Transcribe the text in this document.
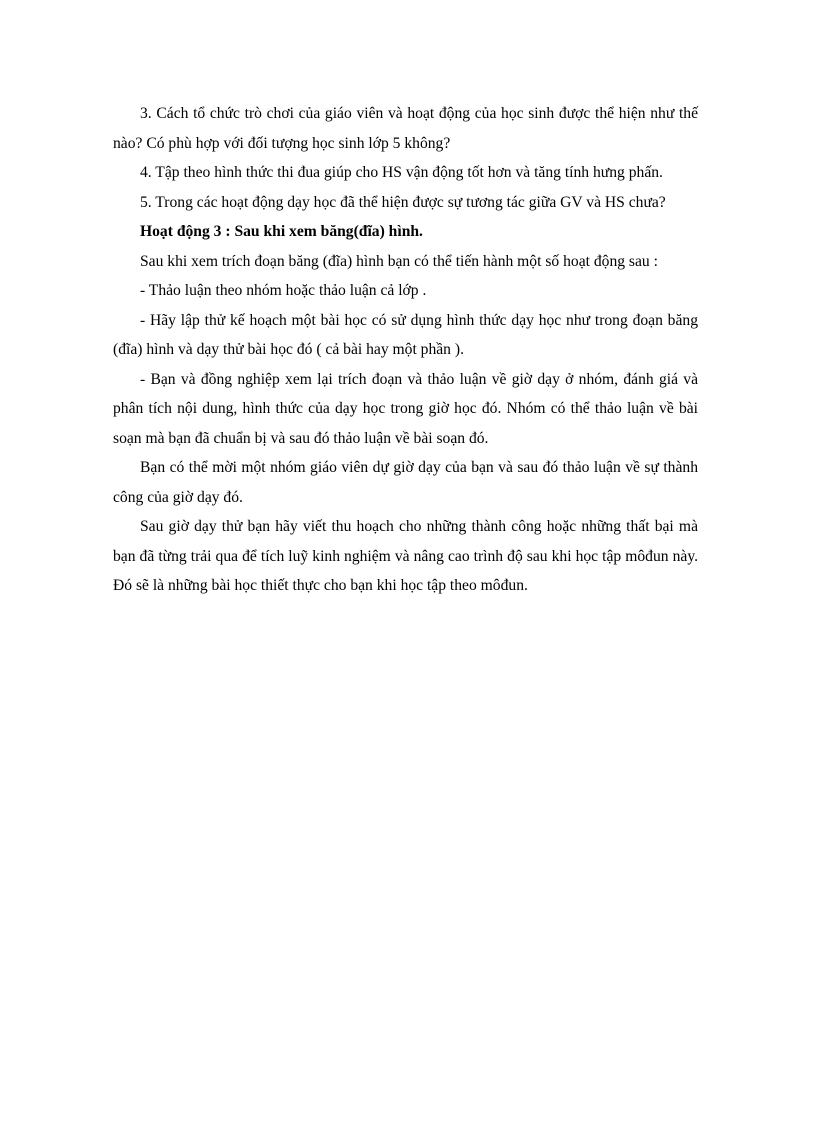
3. Cách tổ chức trò chơi của giáo viên và hoạt động của học sinh được thể hiện như thế nào? Có phù hợp với đối tượng học sinh lớp 5 không?

4. Tập theo hình thức thi đua giúp cho HS vận động tốt hơn và tăng tính hưng phấn.

5. Trong các hoạt động dạy học đã thể hiện được sự tương tác giữa GV và HS chưa?

Hoạt động 3 : Sau khi xem băng(đĩa) hình.

Sau khi xem trích đoạn băng (đĩa) hình bạn có thể tiến hành một số hoạt động sau :

- Thảo luận theo nhóm hoặc thảo luận cả lớp .

- Hãy lập thử kế hoạch một bài học có sử dụng hình thức dạy học như trong đoạn băng (đĩa) hình và dạy thử bài học đó ( cả bài hay một phần ).

- Bạn và đồng nghiệp xem lại trích đoạn và thảo luận về giờ dạy ở nhóm, đánh giá và phân tích nội dung, hình thức của dạy học trong giờ học đó. Nhóm có thể thảo luận về bài soạn mà bạn đã chuẩn bị và sau đó thảo luận về bài soạn đó.

Bạn có thể mời một nhóm giáo viên dự giờ dạy của bạn và sau đó thảo luận về sự thành công của giờ dạy đó.

Sau giờ dạy thử bạn hãy viết thu hoạch cho những thành công hoặc những thất bại mà bạn đã từng trải qua để tích luỹ kinh nghiệm và nâng cao trình độ sau khi học tập môđun này. Đó sẽ là những bài học thiết thực cho bạn khi học tập theo môđun.
